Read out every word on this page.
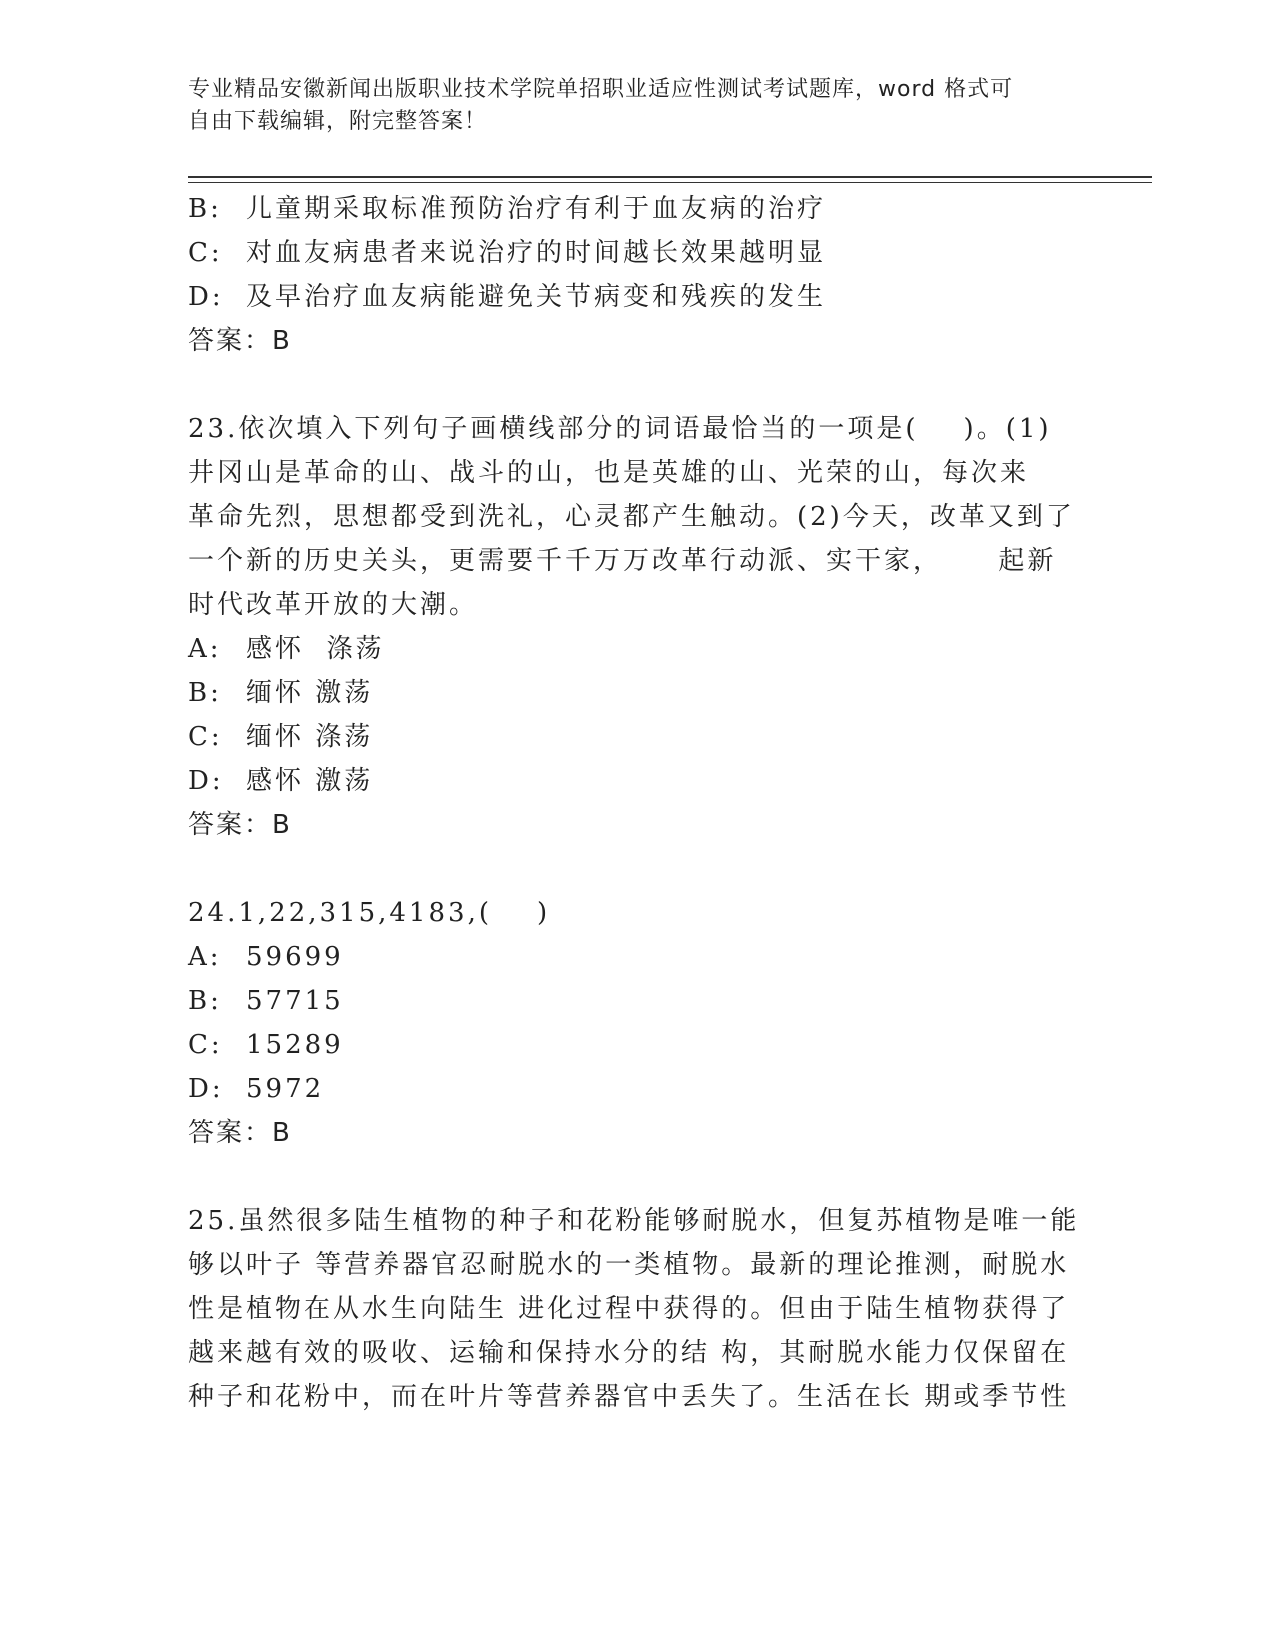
专业精品安徽新闻出版职业技术学院单招职业适应性测试考试题库，word 格式可
自由下载编辑，附完整答案！
B: 儿童期采取标准预防治疗有利于血友病的治疗
C: 对血友病患者来说治疗的时间越长效果越明显
D: 及早治疗血友病能避免关节病变和残疾的发生
答案：B
23.依次填入下列句子画横线部分的词语最恰当的一项是(    )。(1)
井冈山是革命的山、战斗的山，也是英雄的山、光荣的山，每次来
革命先烈，思想都受到洗礼，心灵都产生触动。(2)今天，改革又到了
一个新的历史关头，更需要千千万万改革行动派、实干家，     起新
时代改革开放的大潮。
A: 感怀  涤荡
B: 缅怀 激荡
C: 缅怀 涤荡
D: 感怀 激荡
答案：B
24.1,22,315,4183,(    )
A: 59699
B: 57715
C: 15289
D: 5972
答案：B
25.虽然很多陆生植物的种子和花粉能够耐脱水，但复苏植物是唯一能
够以叶子 等营养器官忍耐脱水的一类植物。最新的理论推测，耐脱水
性是植物在从水生向陆生 进化过程中获得的。但由于陆生植物获得了
越来越有效的吸收、运输和保持水分的结 构，其耐脱水能力仅保留在
种子和花粉中，而在叶片等营养器官中丢失了。生活在长 期或季节性
